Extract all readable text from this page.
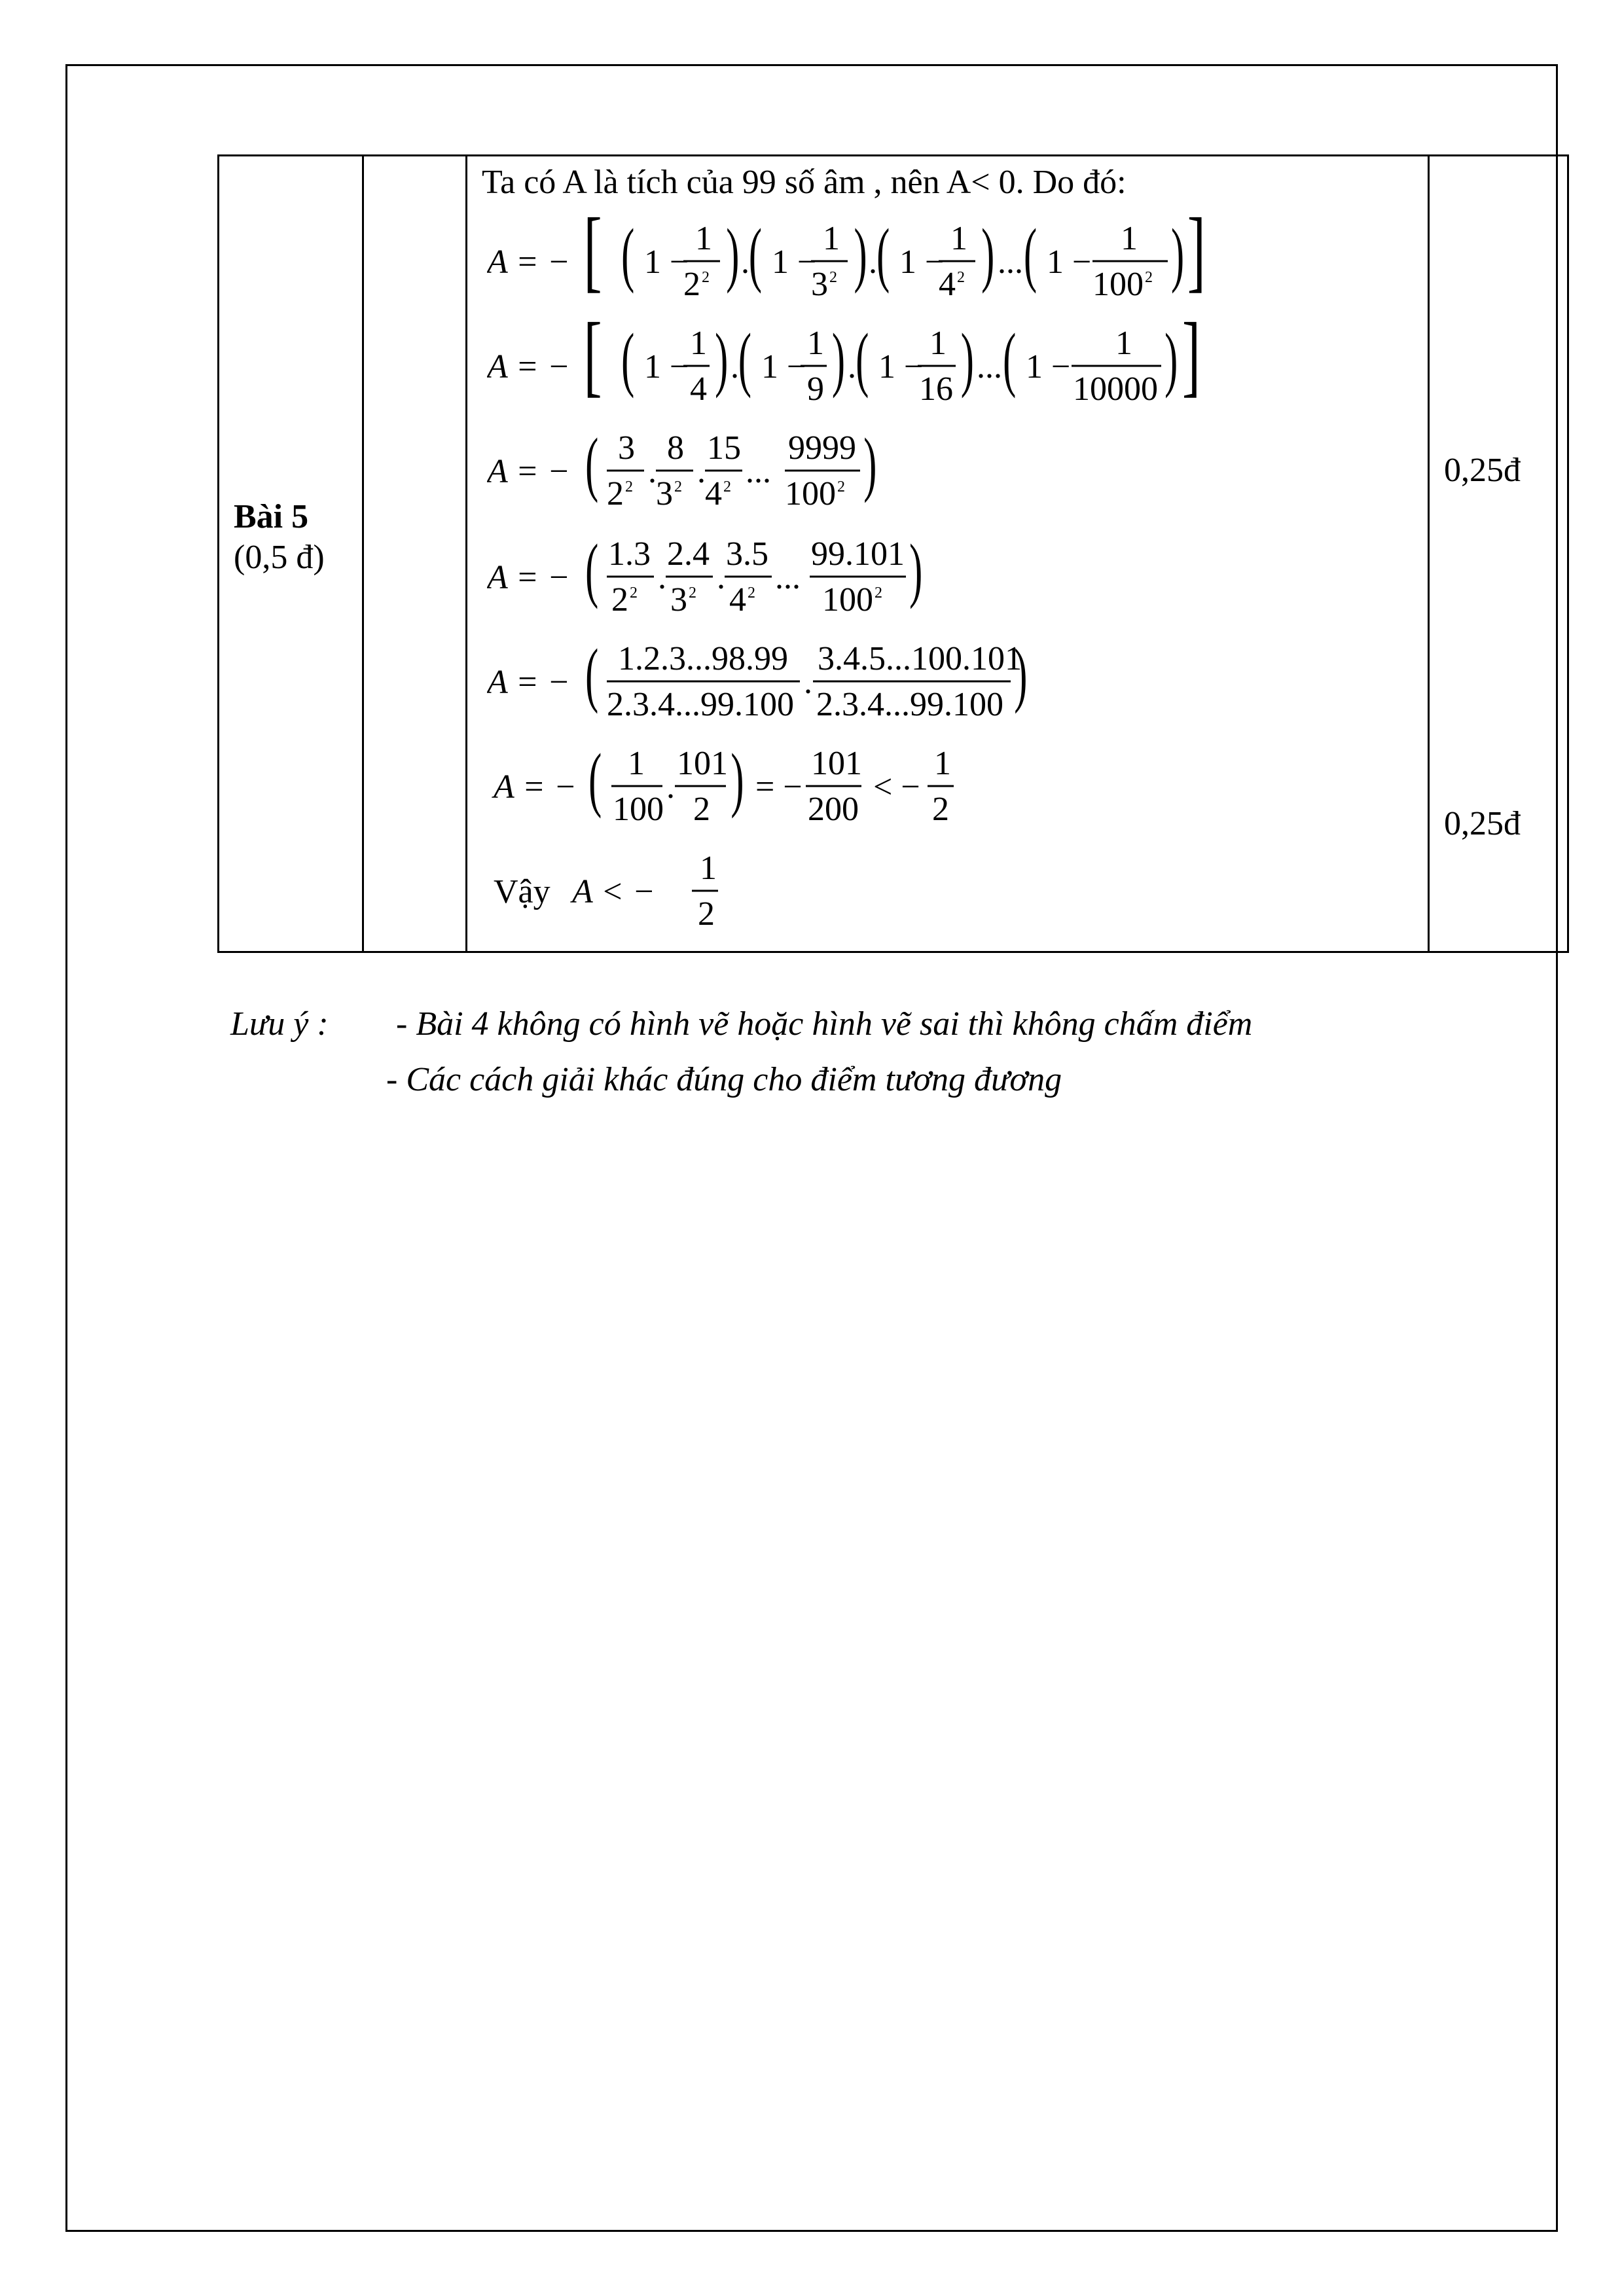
Bài 5
(0,5 đ)

Ta có A là tích của 99 số âm , nên A< 0. Do đó:
A = − [ ( 1 −
1
2 2 ) .
( 1 −
1
3 2 ) . ( 1 −
1
4 2 ) ... ( 1 −
1
100 2 ) ]
A = − [ ( 1 −
1
4 ) .
( 1 −
1
9 ) . ( 1 −
1
16 ) ... ( 1 −
1
10000 ) ]
A = − ( 3
2 2 .
8
3 2 .
15
4 2 ...
9999
100 2 )
A = − ( 1.3
2 2 .
2.4
3 2 .
3.5
4 2 ...
99.101
100 2 )
A = − ( 1.2.3...98.99
2.3.4...99.100
.
3.4.5...100.101
2.3.4...99.100 )
A = − ( 1
100
.
101
2 ) = −
101
200
< −
1
2
Vậy A < −
1
2

0,25đ
0,25đ
Lưu ý : - Bài 4 không có hình vẽ hoặc hình vẽ sai thì không chấm điểm
- Các cách giải khác đúng cho điểm tương đương
